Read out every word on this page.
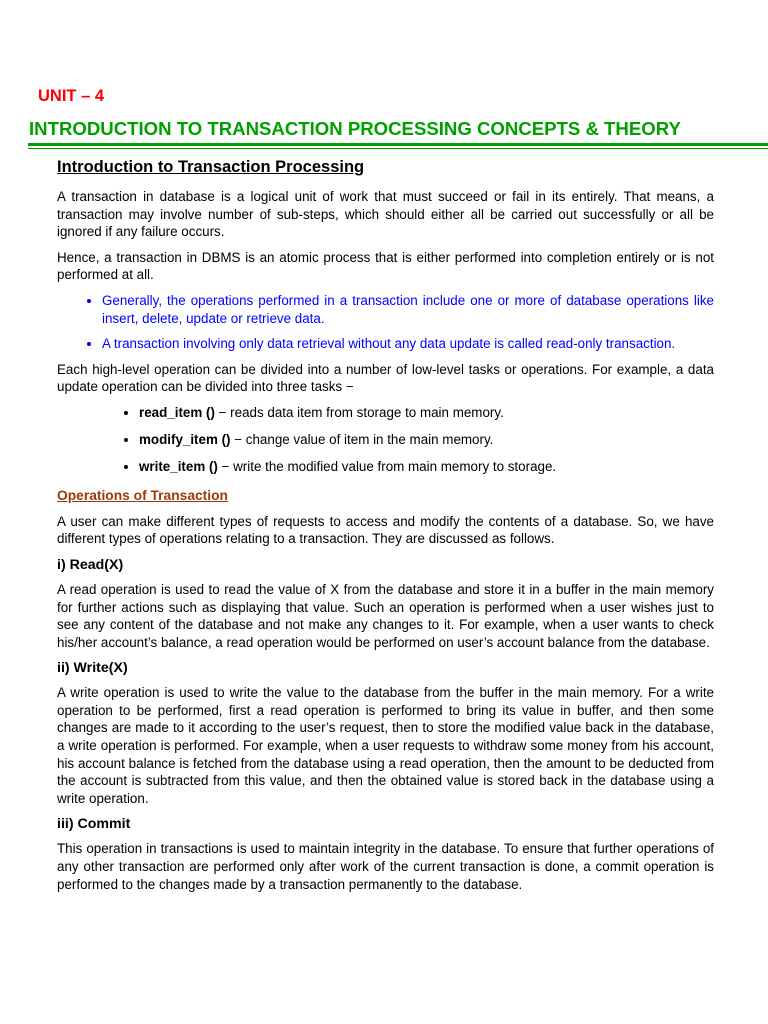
UNIT – 4
INTRODUCTION TO TRANSACTION PROCESSING CONCEPTS & THEORY
Introduction to Transaction Processing

A transaction in database is a logical unit of work that must succeed or fail in its entirely. That means, a transaction may involve number of sub-steps, which should either all be carried out successfully or all be ignored if any failure occurs.

Hence, a transaction in DBMS is an atomic process that is either performed into completion entirely or is not performed at all.

• Generally, the operations performed in a transaction include one or more of database operations like insert, delete, update or retrieve data.
• A transaction involving only data retrieval without any data update is called read-only transaction.

Each high-level operation can be divided into a number of low-level tasks or operations. For example, a data update operation can be divided into three tasks −

• read_item () − reads data item from storage to main memory.
• modify_item () − change value of item in the main memory.
• write_item () − write the modified value from main memory to storage.
Operations of Transaction

A user can make different types of requests to access and modify the contents of a database. So, we have different types of operations relating to a transaction. They are discussed as follows.

i) Read(X)

A read operation is used to read the value of X from the database and store it in a buffer in the main memory for further actions such as displaying that value. Such an operation is performed when a user wishes just to see any content of the database and not make any changes to it. For example, when a user wants to check his/her account’s balance, a read operation would be performed on user’s account balance from the database.

ii) Write(X)

A write operation is used to write the value to the database from the buffer in the main memory. For a write operation to be performed, first a read operation is performed to bring its value in buffer, and then some changes are made to it according to the user’s request, then to store the modified value back in the database, a write operation is performed. For example, when a user requests to withdraw some money from his account, his account balance is fetched from the database using a read operation, then the amount to be deducted from the account is subtracted from this value, and then the obtained value is stored back in the database using a write operation.

iii) Commit

This operation in transactions is used to maintain integrity in the database. To ensure that further operations of any other transaction are performed only after work of the current transaction is done, a commit operation is performed to the changes made by a transaction permanently to the database.
